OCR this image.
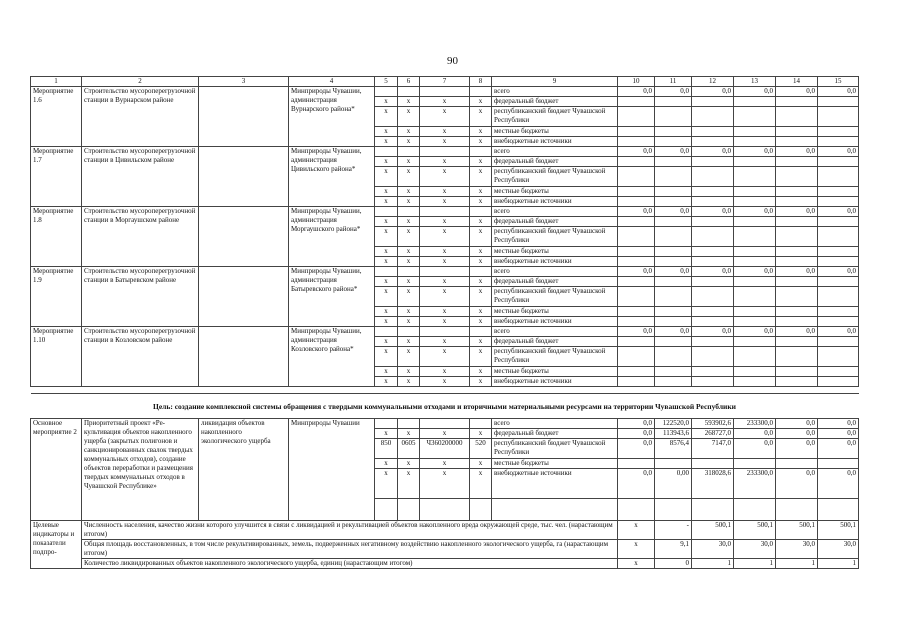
90
1	2	3	4	5	6	7	8	9	10	11	12	13	14	15
Мероприятие 1.6	Строительство мусороперегрузочной станции в Вурнарском районе		Минприроды Чувашии, администрация Вурнарского района*					всего	0,0	0,0	0,0	0,0	0,0	0,0
				х	х	х	х	федеральный бюджет						
				х	х	х	х	республиканский бюджет Чувашской Республики						
				х	х	х	х	местные бюджеты						
				х	х	х	х	внебюджетные источники						
Мероприятие 1.7	Строительство мусороперегрузочной станции в Цивильском районе		Минприроды Чувашии, администрация Цивильского района*					всего	0,0	0,0	0,0	0,0	0,0	0,0
				х	х	х	х	федеральный бюджет						
				х	х	х	х	республиканский бюджет Чувашской Республики						
				х	х	х	х	местные бюджеты						
				х	х	х	х	внебюджетные источники						
Мероприятие 1.8	Строительство мусороперегрузочной станции в Моргаушском районе		Минприроды Чувашии, администрация Моргаушского района*					всего	0,0	0,0	0,0	0,0	0,0	0,0
				х	х	х	х	федеральный бюджет						
				х	х	х	х	республиканский бюджет Чувашской Республики						
				х	х	х	х	местные бюджеты						
				х	х	х	х	внебюджетные источники						
Мероприятие 1.9	Строительство мусороперегрузочной станции в Батыревском районе		Минприроды Чувашии, администрация Батыревского района*					всего	0,0	0,0	0,0	0,0	0,0	0,0
				х	х	х	х	федеральный бюджет						
				х	х	х	х	республиканский бюджет Чувашской Республики						
				х	х	х	х	местные бюджеты						
				х	х	х	х	внебюджетные источники						
Мероприятие 1.10	Строительство мусороперегрузочной станции в Козловском районе		Минприроды Чувашии, администрация Козловского района*					всего	0,0	0,0	0,0	0,0	0,0	0,0
				х	х	х	х	федеральный бюджет						
				х	х	х	х	республиканский бюджет Чувашской Республики						
				х	х	х	х	местные бюджеты						
				х	х	х	х	внебюджетные источники						

Цель: создание комплексной системы обращения с твердыми коммунальными отходами и вторичными материальными ресурсами на территории Чувашской Республики														
Основное мероприятие 2	Приоритетный проект «Ре-культивация объектов накопленного ущерба (закрытых полигонов и санкционированных свалок твердых коммунальных отходов), создание объектов переработки и размещения твердых коммунальных отходов в Чувашской Республике»	ликвидация объектов накопленного экологического ущерба	Минприроды Чувашии					всего	0,0	122520,0	593902,6	233300,0	0,0	0,0
				х	х	х	х	федеральный бюджет	0,0	113943,6	268727,0	0,0	0,0	0,0
				850	0605	Ч360200000	520	республиканский бюджет Чувашской Республики	0,0	8576,4	7147,0	0,0	0,0	0,0
				х	х	х	х	местные бюджеты						
				х	х	х	х	внебюджетные источники	0,0	0,00	318028,6	233300,0	0,0	0,0

Целевые индикаторы и показатели подпро-	Численность населения, качество жизни которого улучшится в связи с ликвидацией и рекультивацией объектов накопленного вреда окружающей среде, тыс. чел. (нарастающим итогом)								х	-	500,1	500,1	500,1	500,1
	Общая площадь восстановленных, в том числе рекультивированных, земель, подверженных негативному воздействию накопленного экологического ущерба, га (нарастающим итогом)								х	9,1	30,0	30,0	30,0	30,0
	Количество ликвидированных объектов накопленного экологического ущерба, единиц (нарастающим итогом)								х	0	1	1	1	1
